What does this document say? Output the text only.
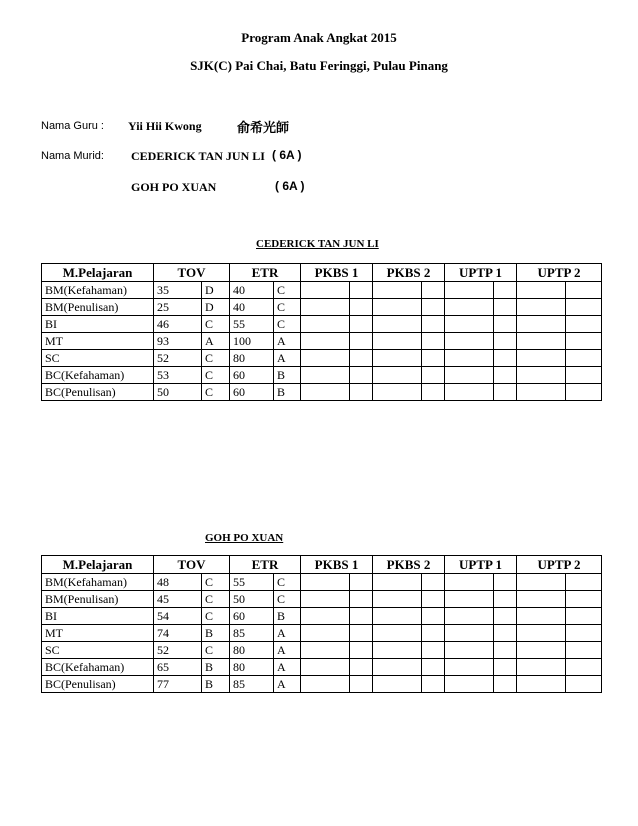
Program Anak Angkat 2015
SJK(C) Pai Chai, Batu Feringgi, Pulau Pinang
Nama Guru : Yii Hii Kwong	俞希光師
Nama Murid: CEDERICK TAN JUN LI ( 6A )
GOH PO XUAN	( 6A )
CEDERICK TAN JUN LI
M.Pelajaran	TOV		ETR		PKBS 1		PKBS 2		UPTP 1		UPTP 2	
BM(Kefahaman)	35	D	40	C								
BM(Penulisan)	25	D	40	C								
BI	46	C	55	C								
MT	93	A	100	A								
SC	52	C	80	A								
BC(Kefahaman)	53	C	60	B								
BC(Penulisan)	50	C	60	B								
GOH PO XUAN
M.Pelajaran	TOV		ETR		PKBS 1		PKBS 2		UPTP 1		UPTP 2	
BM(Kefahaman)	48	C	55	C								
BM(Penulisan)	45	C	50	C								
BI	54	C	60	B								
MT	74	B	85	A								
SC	52	C	80	A								
BC(Kefahaman)	65	B	80	A								
BC(Penulisan)	77	B	85	A								
